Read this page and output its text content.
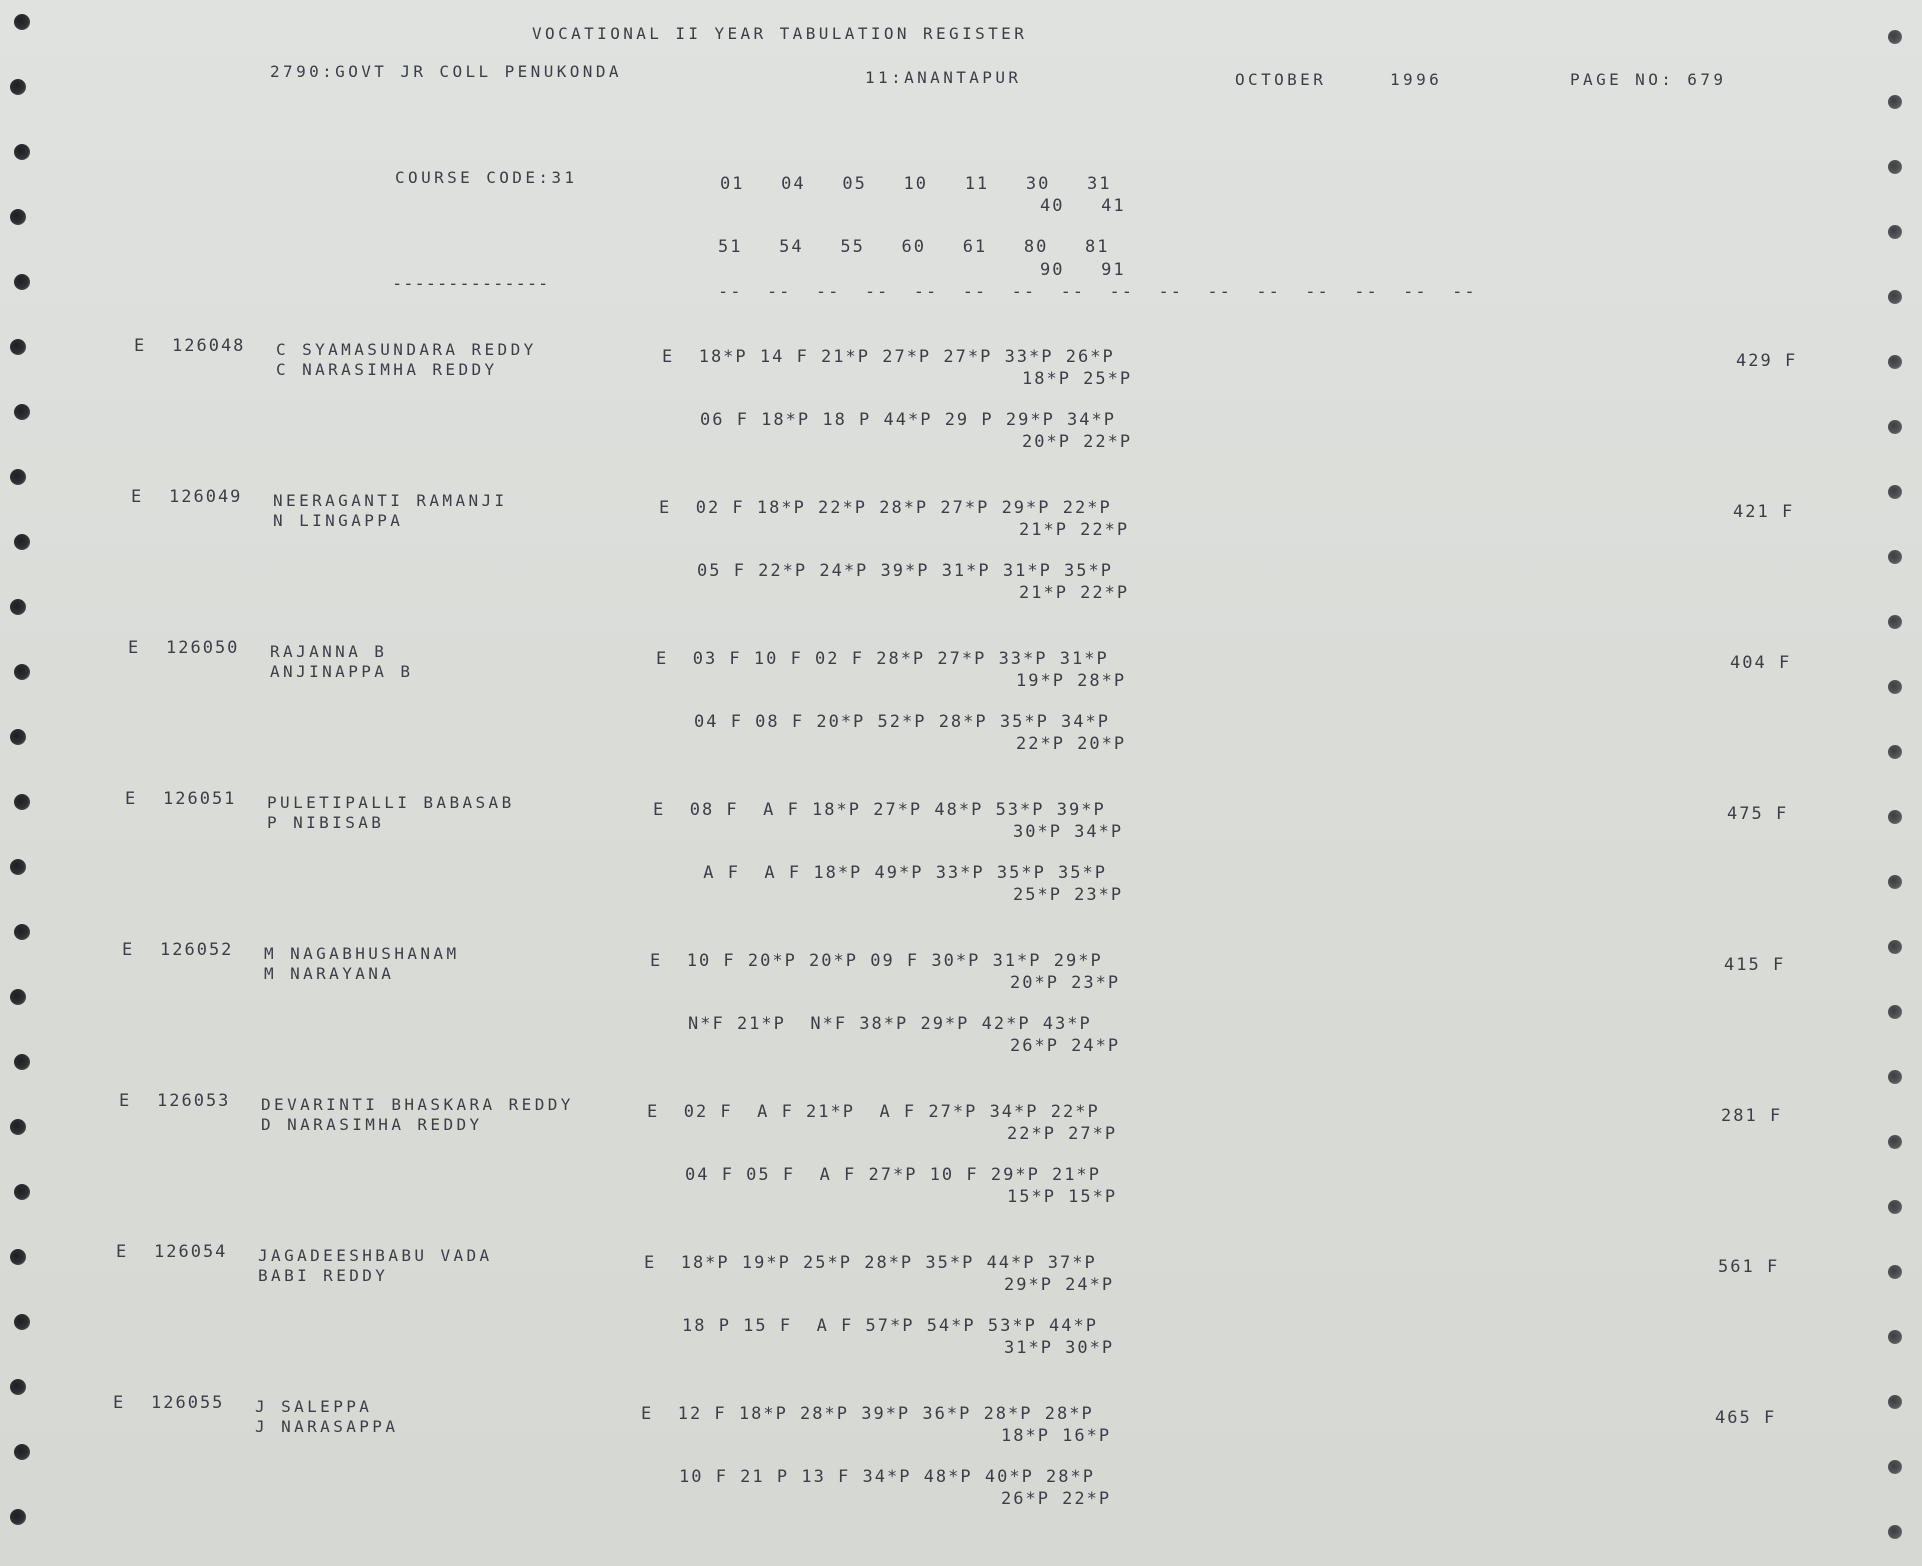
VOCATIONAL II YEAR TABULATION REGISTER
2790:GOVT JR COLL PENUKONDA	11:ANANTAPUR	OCTOBER	1996	PAGE NO: 679
COURSE CODE:31	01   04   05   10   11   30   31
40   41
51   54   55   60   61   80   81
90   91
--------------	--  --  --  --  --  --  --  --  --  --  --  --  --  --  --  --
E 126048 C SYAMASUNDARA REDDY
C NARASIMHA REDDY
E  18*P 14 F 21*P 27*P 27*P 33*P 26*P
18*P 25*P
06 F 18*P 18 P 44*P 29 P 29*P 34*P
20*P 22*P
429 F
E 126049 NEERAGANTI RAMANJI
N LINGAPPA
E  02 F 18*P 22*P 28*P 27*P 29*P 22*P
21*P 22*P
05 F 22*P 24*P 39*P 31*P 31*P 35*P
21*P 22*P
421 F
E 126050 RAJANNA B
ANJINAPPA B
E  03 F 10 F 02 F 28*P 27*P 33*P 31*P
19*P 28*P
04 F 08 F 20*P 52*P 28*P 35*P 34*P
22*P 20*P
404 F
E 126051 PULETIPALLI BABASAB
P NIBISAB
E  08 F  A F 18*P 27*P 48*P 53*P 39*P
30*P 34*P
A F  A F 18*P 49*P 33*P 35*P 35*P
25*P 23*P
475 F
E 126052 M NAGABHUSHANAM
M NARAYANA
E  10 F 20*P 20*P 09 F 30*P 31*P 29*P
20*P 23*P
N*F 21*P  N*F 38*P 29*P 42*P 43*P
26*P 24*P
415 F
E 126053 DEVARINTI BHASKARA REDDY
D NARASIMHA REDDY
E  02 F  A F 21*P  A F 27*P 34*P 22*P
22*P 27*P
04 F 05 F  A F 27*P 10 F 29*P 21*P
15*P 15*P
281 F
E 126054 JAGADEESHBABU VADA
BABI REDDY
E  18*P 19*P 25*P 28*P 35*P 44*P 37*P
29*P 24*P
18 P 15 F  A F 57*P 54*P 53*P 44*P
31*P 30*P
561 F
E 126055 J SALEPPA
J NARASAPPA
E  12 F 18*P 28*P 39*P 36*P 28*P 28*P
18*P 16*P
10 F 21 P 13 F 34*P 48*P 40*P 28*P
26*P 22*P
465 F
